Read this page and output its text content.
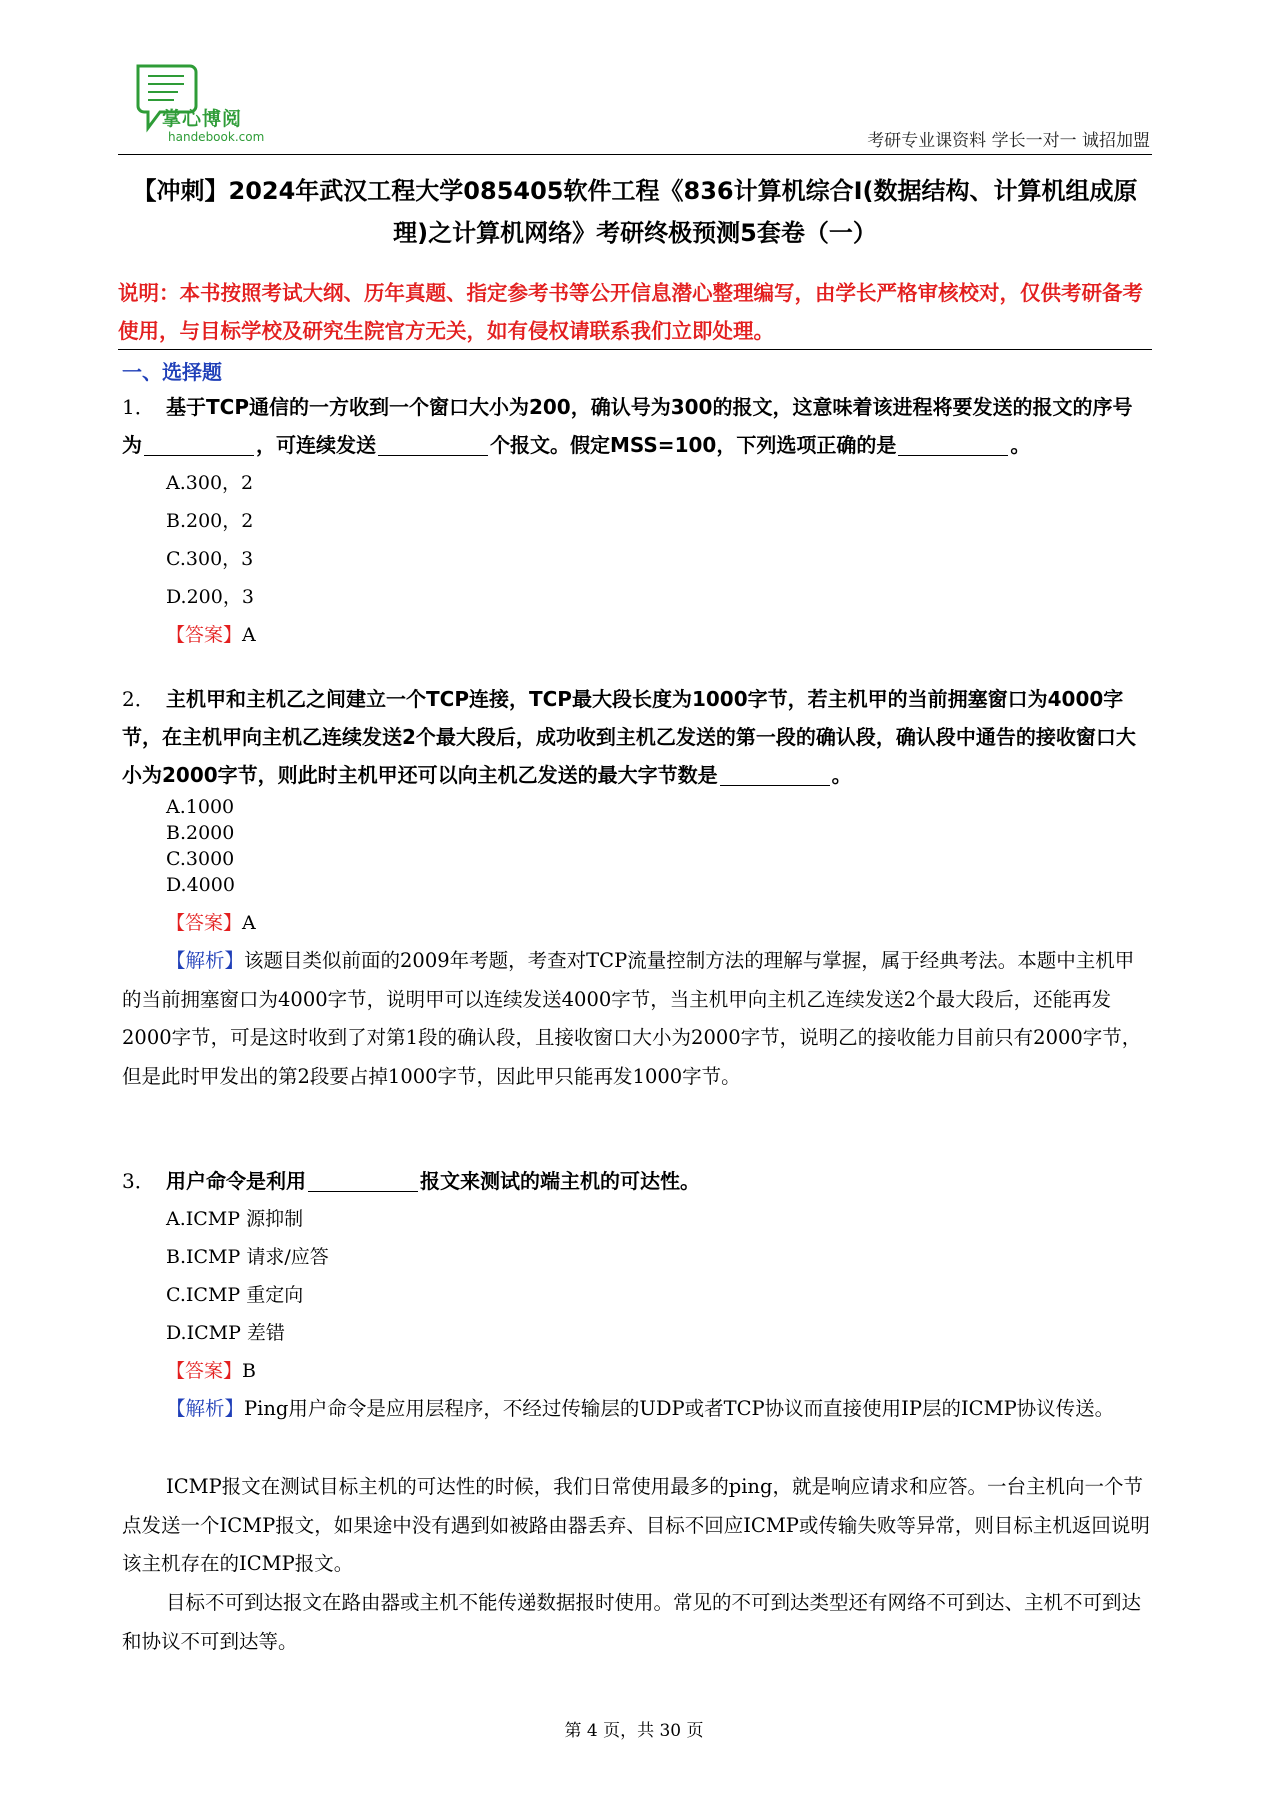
掌心博阅
handebook.com	考研专业课资料 学长一对一 诚招加盟
【冲刺】2024年武汉工程大学085405软件工程《836计算机综合I(数据结构、计算机组成原理)之计算机网络》考研终极预测5套卷（一）
说明：本书按照考试大纲、历年真题、指定参考书等公开信息潜心整理编写，由学长严格审核校对，仅供考研备考使用，与目标学校及研究生院官方无关，如有侵权请联系我们立即处理。
一、选择题
1． 基于TCP通信的一方收到一个窗口大小为200，确认号为300的报文，这意味着该进程将要发送的报文的序号为	，可连续发送	个报文。假定MSS=100，下列选项正确的是	。
A.300，2
B.200，2
C.300，3
D.200，3
【答案】A
2． 主机甲和主机乙之间建立一个TCP连接，TCP最大段长度为1000字节，若主机甲的当前拥塞窗口为4000字节，在主机甲向主机乙连续发送2个最大段后，成功收到主机乙发送的第一段的确认段，确认段中通告的接收窗口大小为2000字节，则此时主机甲还可以向主机乙发送的最大字节数是	。
A.1000
B.2000
C.3000
D.4000
【答案】A
【解析】该题目类似前面的2009年考题，考查对TCP流量控制方法的理解与掌握，属于经典考法。本题中主机甲的当前拥塞窗口为4000字节，说明甲可以连续发送4000字节，当主机甲向主机乙连续发送2个最大段后，还能再发2000字节，可是这时收到了对第1段的确认段，且接收窗口大小为2000字节，说明乙的接收能力目前只有2000字节，但是此时甲发出的第2段要占掉1000字节，因此甲只能再发1000字节。
3． 用户命令是利用	报文来测试的端主机的可达性。
A.ICMP 源抑制
B.ICMP 请求/应答
C.ICMP 重定向
D.ICMP 差错
【答案】B
【解析】Ping用户命令是应用层程序，不经过传输层的UDP或者TCP协议而直接使用IP层的ICMP协议传送。
ICMP报文在测试目标主机的可达性的时候，我们日常使用最多的ping，就是响应请求和应答。一台主机向一个节点发送一个ICMP报文，如果途中没有遇到如被路由器丢弃、目标不回应ICMP或传输失败等异常，则目标主机返回说明该主机存在的ICMP报文。
目标不可到达报文在路由器或主机不能传递数据报时使用。常见的不可到达类型还有网络不可到达、主机不可到达和协议不可到达等。
第 4 页，共 30 页
